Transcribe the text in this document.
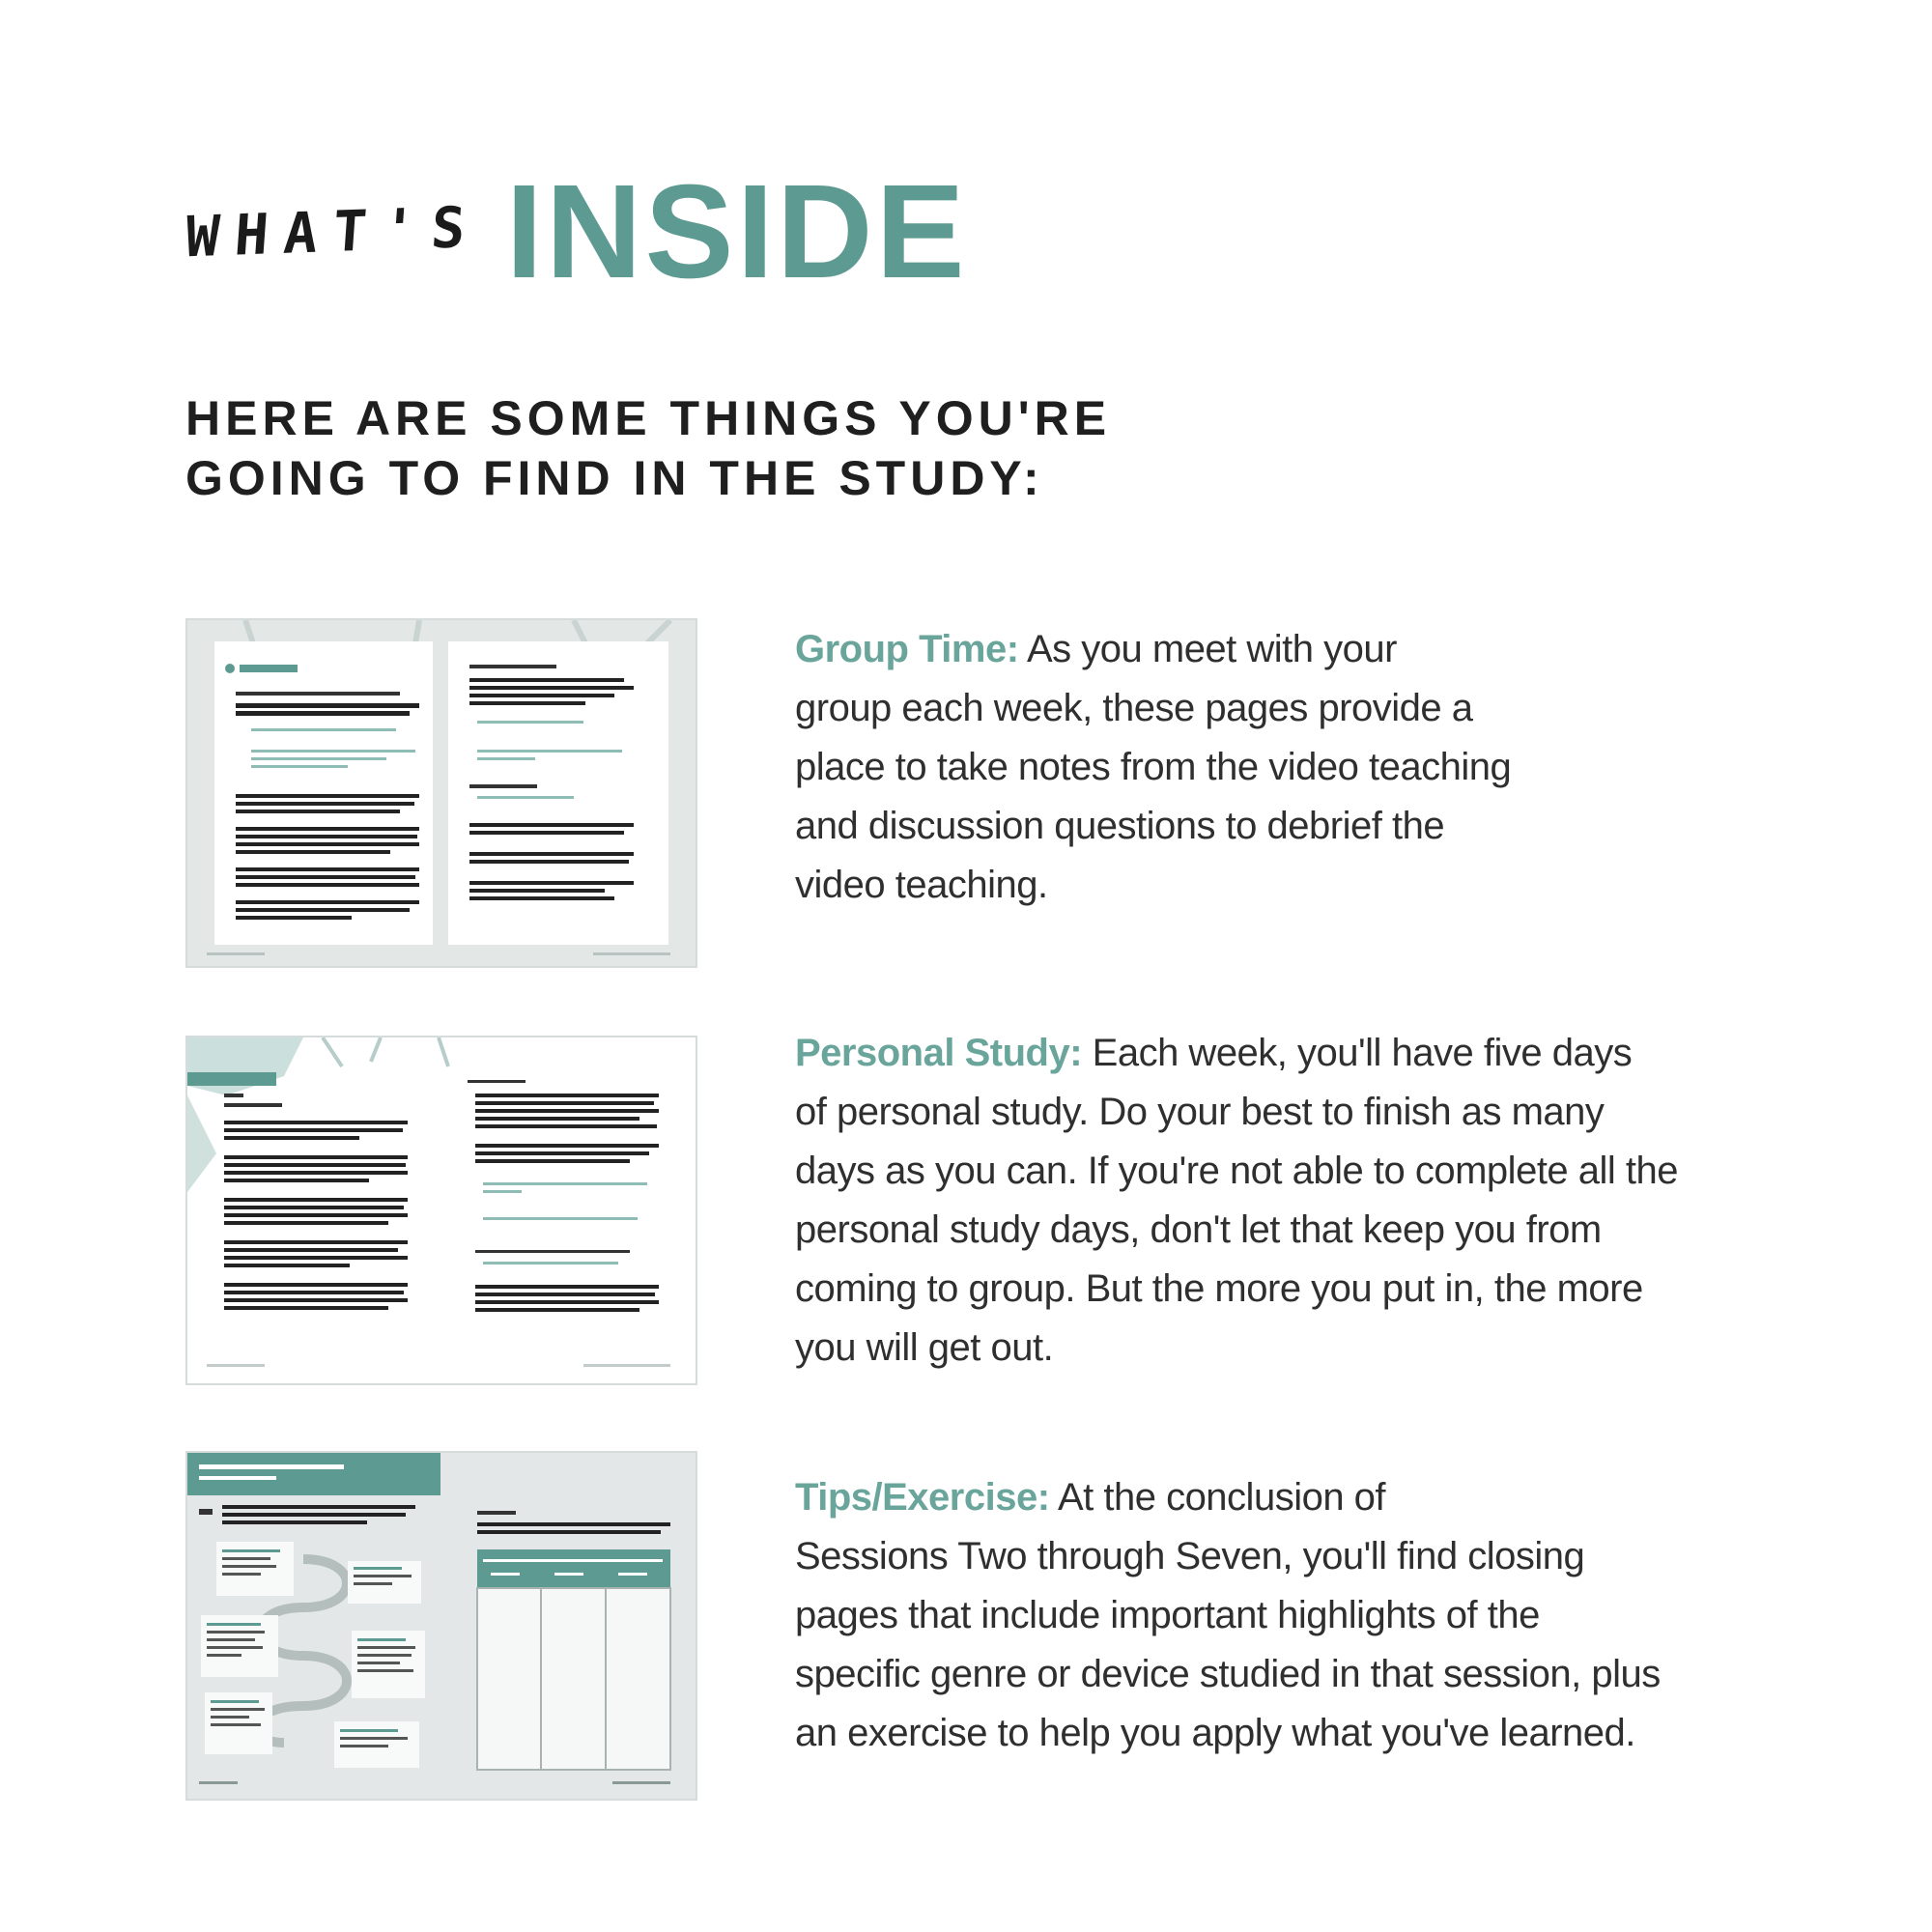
WHAT'S INSIDE
HERE ARE SOME THINGS YOU'RE
GOING TO FIND IN THE STUDY:

Group Time: As you meet with your
group each week, these pages provide a
place to take notes from the video teaching
and discussion questions to debrief the
video teaching.

Personal Study: Each week, you'll have five days
of personal study. Do your best to finish as many
days as you can. If you're not able to complete all the
personal study days, don't let that keep you from
coming to group. But the more you put in, the more
you will get out.

Tips/Exercise: At the conclusion of
Sessions Two through Seven, you'll find closing
pages that include important highlights of the
specific genre or device studied in that session, plus
an exercise to help you apply what you've learned.
